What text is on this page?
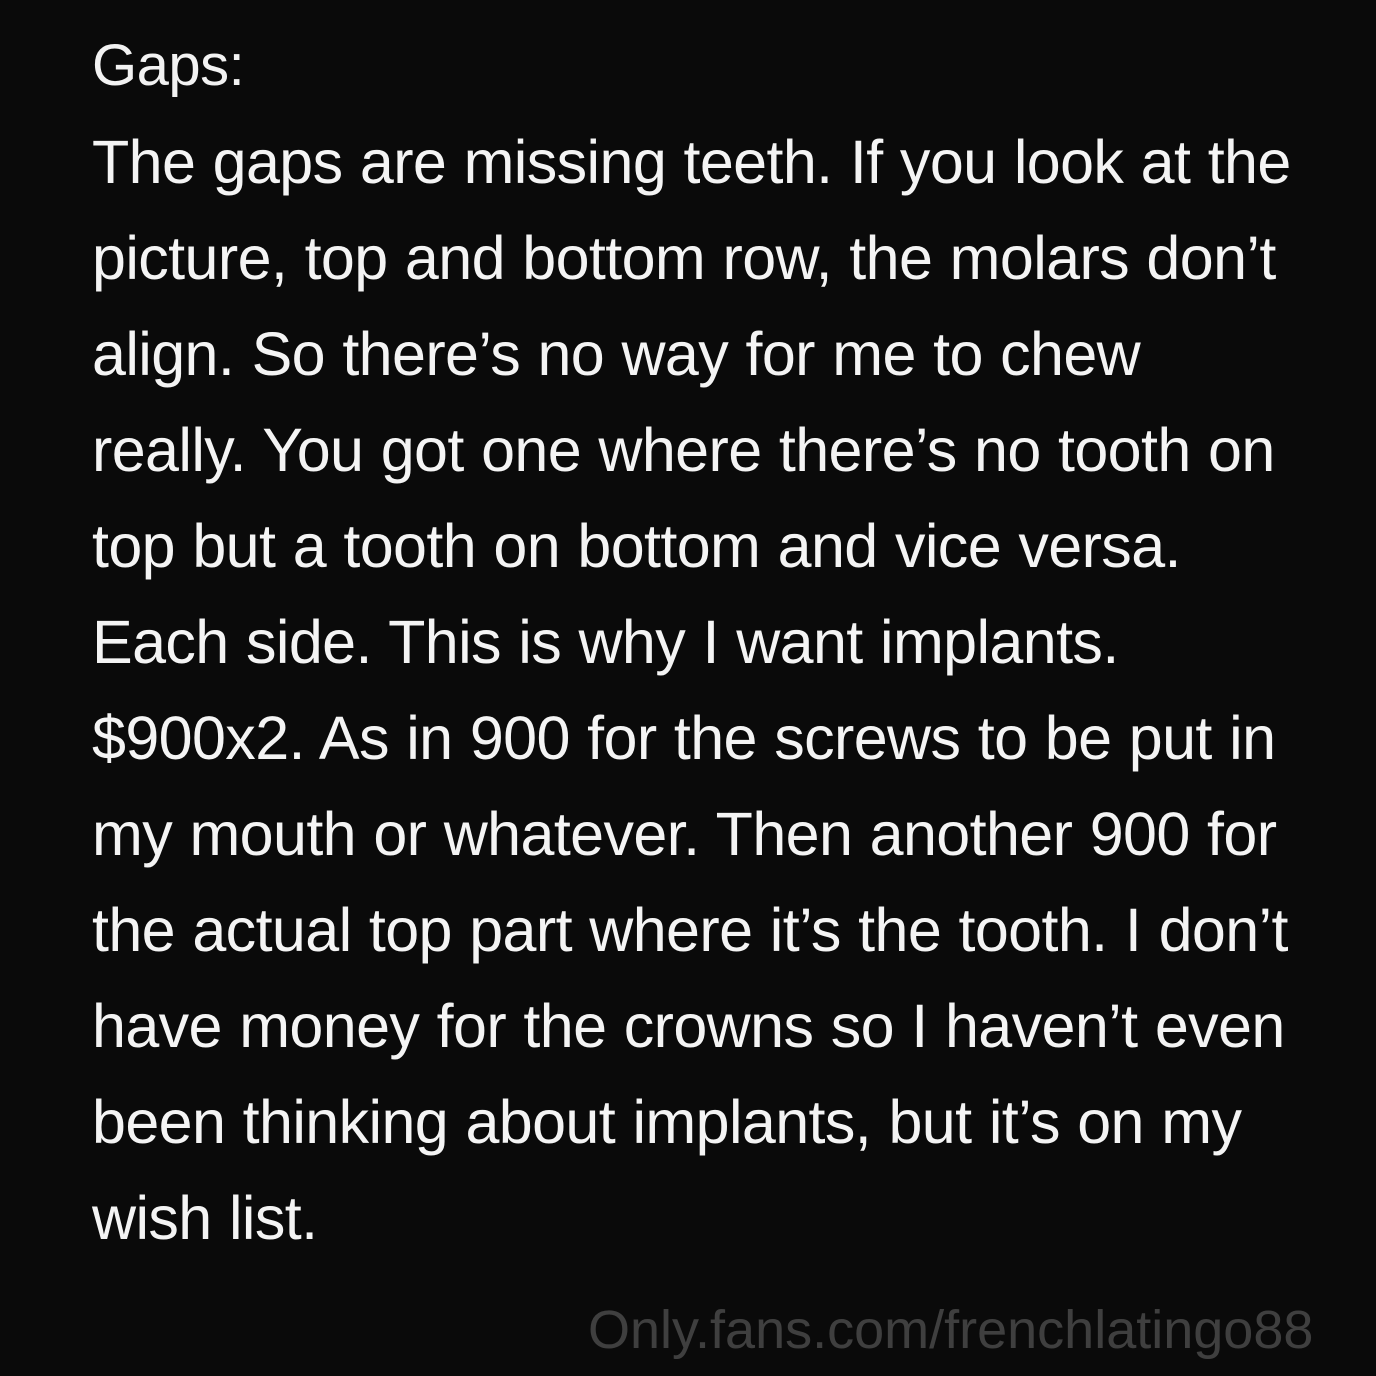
Gaps:

The gaps are missing teeth. If you look at the picture, top and bottom row, the molars don’t align. So there’s no way for me to chew really. You got one where there’s no tooth on top but a tooth on bottom and vice versa. Each side. This is why I want implants. $900x2. As in 900 for the screws to be put in my mouth or whatever. Then another 900 for the actual top part where it’s the tooth. I don’t have money for the crowns so I haven’t even been thinking about implants, but it’s on my wish list.

Only.fans.com/frenchlatingo88
